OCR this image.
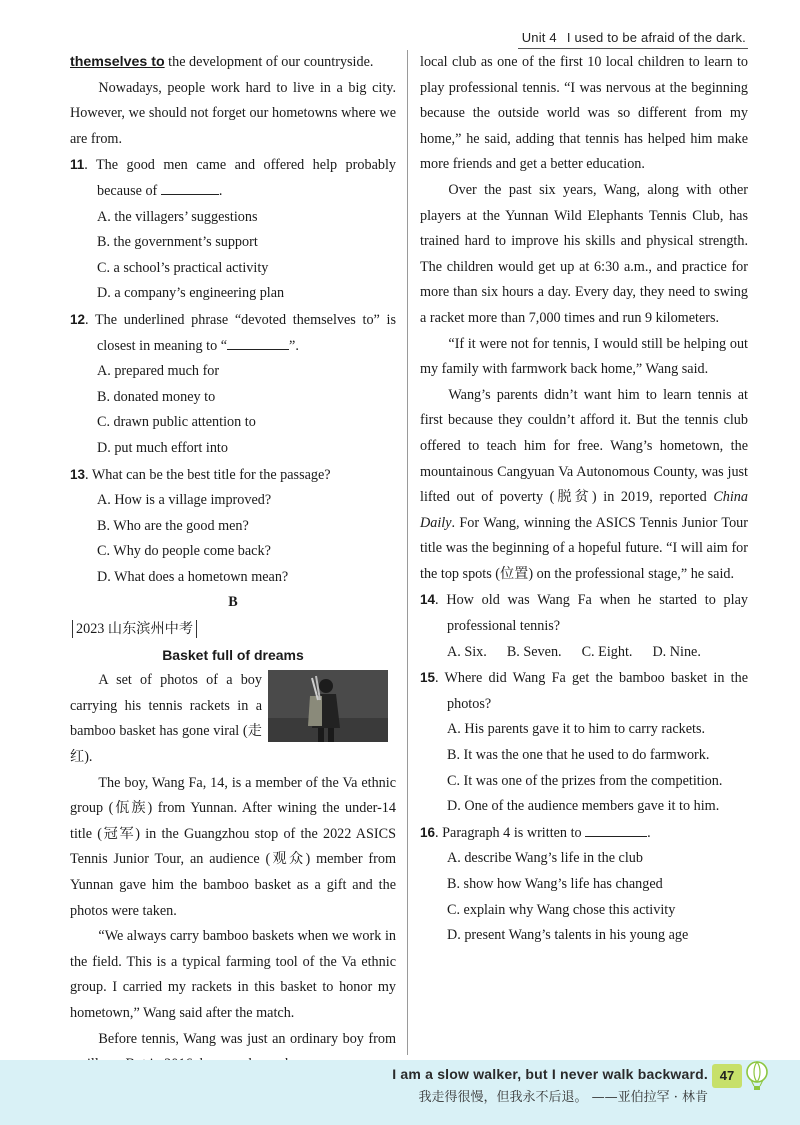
Unit 4 I used to be afraid of the dark.

themselves to the development of our countryside.

Nowadays, people work hard to live in a big city. However, we should not forget our hometowns where we are from.

11. The good men came and offered help probably because of	.

A. the villagers’ suggestions

B. the government’s support

C. a school’s practical activity

D. a company’s engineering plan

12. The underlined phrase “devoted themselves to” is closest in meaning to “	”.

A. prepared much for

B. donated money to

C. drawn public attention to

D. put much effort into

13. What can be the best title for the passage?

A. How is a village improved?

B. Who are the good men?

C. Why do people come back?

D. What does a hometown mean?

B

2023 山东滨州中考

Basket full of dreams

A set of photos of a boy carrying his tennis rackets in a bamboo basket has gone viral (走红).

The boy, Wang Fa, 14, is a member of the Va ethnic group (佤族) from Yunnan. After wining the under-14 title (冠军) in the Guangzhou stop of the 2022 ASICS Tennis Junior Tour, an audience (观众) member from Yunnan gave him the bamboo basket as a gift and the photos were taken.

“We always carry bamboo baskets when we work in the field. This is a typical farming tool of the Va ethnic group. I carried my rackets in this basket to honor my hometown,” Wang said after the match.

Before tennis, Wang was just an ordinary boy from

local club as one of the first 10 local children to learn to play professional tennis. “I was nervous at the beginning because the outside world was so different from my home,” he said, adding that tennis has helped him make more friends and get a better education.

Over the past six years, Wang, along with other players at the Yunnan Wild Elephants Tennis Club, has trained hard to improve his skills and physical strength. The children would get up at 6:30 a.m., and practice for more than six hours a day. Every day, they need to swing a racket more than 7,000 times and run 9 kilometers.

“If it were not for tennis, I would still be helping out my family with farmwork back home,” Wang said.

Wang’s parents didn’t want him to learn tennis at first because they couldn’t afford it. But the tennis club offered to teach him for free. Wang’s hometown, the mountainous Cangyuan Va Autonomous County, was just lifted out of poverty (脱贫) in 2019, reported China Daily. For Wang, winning the ASICS Tennis Junior Tour title was the beginning of a hopeful future. “I will aim for the top spots (位置) on the professional stage,” he said.

14. How old was Wang Fa when he started to play professional tennis?

A. Six. B. Seven. C. Eight. D. Nine.

15. Where did Wang Fa get the bamboo basket in the photos?

A. His parents gave it to him to carry rackets.

B. It was the one that he used to do farmwork.

C. It was one of the prizes from the competition.

D. One of the audience members gave it to him.

16. Paragraph 4 is written to	.

A. describe Wang’s life in the club

B. show how Wang’s life has changed

C. explain why Wang chose this activity

D. present Wang’s talents in his young age

I am a slow walker, but I never walk backward.
我走得很慢，但我永不后退。 ——亚伯拉罕 · 林肯
47
